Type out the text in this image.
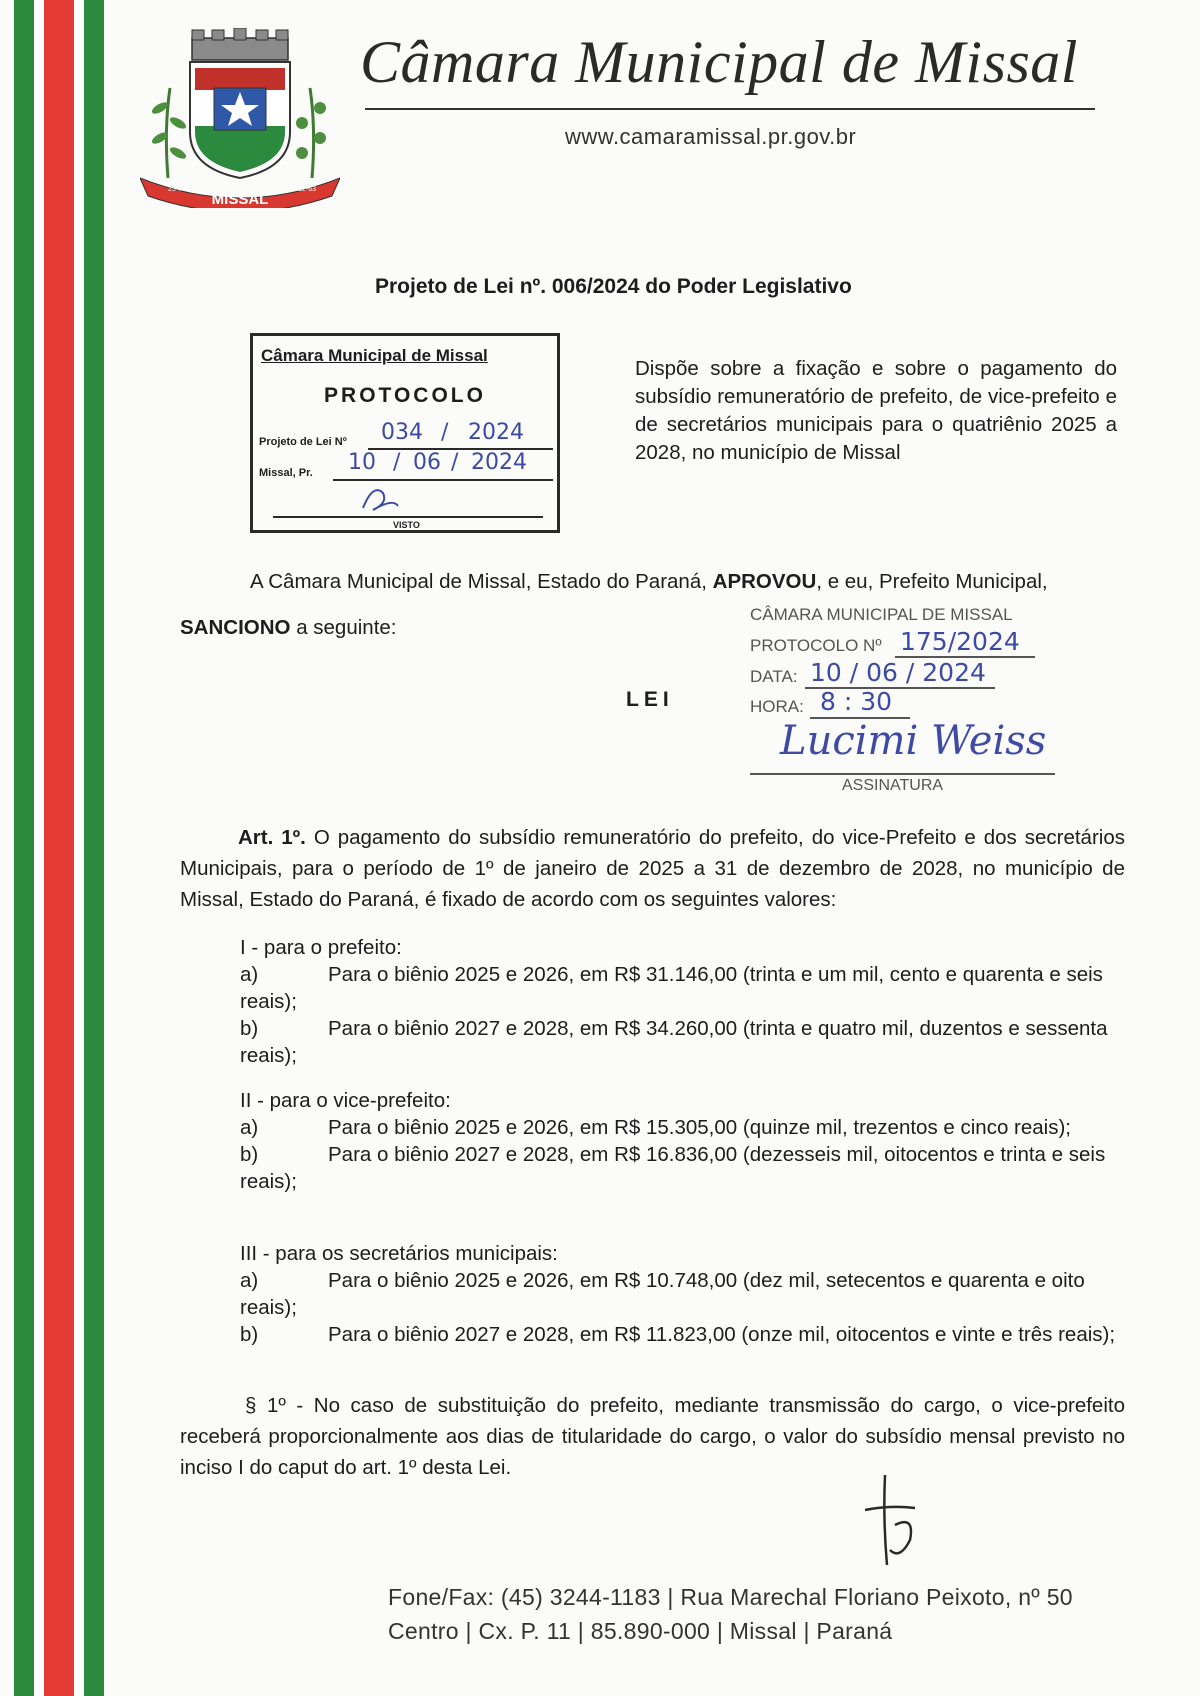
MISSAL
25-7-63	01-12-63
Câmara Municipal de Missal
www.camaramissal.pr.gov.br
Projeto de Lei nº. 006/2024 do Poder Legislativo
Câmara Municipal de Missal
PROTOCOLO
Projeto de Lei Nº 034 / 2024
Missal, Pr. 10 / 06 / 2024
VISTO
Dispõe sobre a fixação e sobre o pagamento do subsídio remuneratório de prefeito, de vice-prefeito e de secretários municipais para o quatriênio 2025 a 2028, no município de Missal
A Câmara Municipal de Missal, Estado do Paraná, APROVOU, e eu, Prefeito Municipal,
SANCIONO a seguinte:
LEI
CÂMARA MUNICIPAL DE MISSAL
PROTOCOLO Nº 175/2024
DATA: 10 / 06 / 2024
HORA: 8 : 30
ASSINATURA
Lucimi Weiss
Art. 1º. O pagamento do subsídio remuneratório do prefeito, do vice-Prefeito e dos secretários Municipais, para o período de 1º de janeiro de 2025 a 31 de dezembro de 2028, no município de Missal, Estado do Paraná, é fixado de acordo com os seguintes valores:

I - para o prefeito:

a)	Para o biênio 2025 e 2026, em R$ 31.146,00 (trinta e um mil, cento e quarenta e seis reais);
b)	Para o biênio 2027 e 2028, em R$ 34.260,00 (trinta e quatro mil, duzentos e sessenta reais);

II - para o vice-prefeito:

a)	Para o biênio 2025 e 2026, em R$ 15.305,00 (quinze mil, trezentos e cinco reais);
b)	Para o biênio 2027 e 2028, em R$ 16.836,00 (dezesseis mil, oitocentos e trinta e seis reais);

III - para os secretários municipais:

a)	Para o biênio 2025 e 2026, em R$ 10.748,00 (dez mil, setecentos e quarenta e oito reais);
b)	Para o biênio 2027 e 2028, em R$ 11.823,00 (onze mil, oitocentos e vinte e três reais);
§ 1º - No caso de substituição do prefeito, mediante transmissão do cargo, o vice-prefeito receberá proporcionalmente aos dias de titularidade do cargo, o valor do subsídio mensal previsto no inciso I do caput do art. 1º desta Lei.
Fone/Fax: (45) 3244-1183 | Rua Marechal Floriano Peixoto, nº 50
Centro | Cx. P. 11 | 85.890-000 | Missal | Paraná
